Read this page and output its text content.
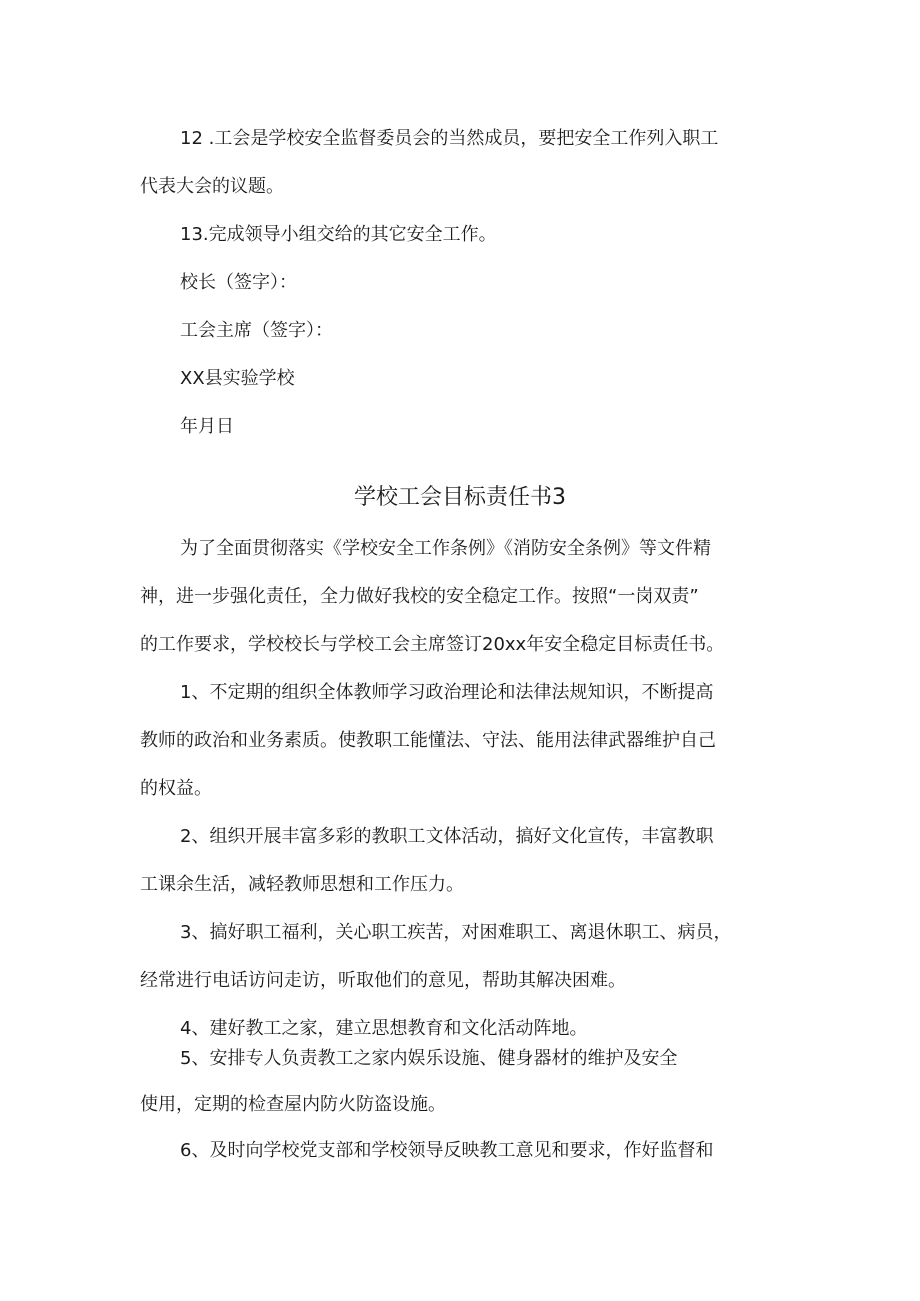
12 .工会是学校安全监督委员会的当然成员，要把安全工作列入职工
代表大会的议题。
13.完成领导小组交给的其它安全工作。
校长（签字）：
工会主席（签字）：
XX县实验学校
年月日
学校工会目标责任书3
为了全面贯彻落实《学校安全工作条例》《消防安全条例》等文件精
神，进一步强化责任，全力做好我校的安全稳定工作。按照“一岗双责”
的工作要求，学校校长与学校工会主席签订20xx年安全稳定目标责任书。
1、不定期的组织全体教师学习政治理论和法律法规知识，不断提高
教师的政治和业务素质。使教职工能懂法、守法、能用法律武器维护自己
的权益。
2、组织开展丰富多彩的教职工文体活动，搞好文化宣传，丰富教职
工课余生活，减轻教师思想和工作压力。
3、搞好职工福利，关心职工疾苦，对困难职工、离退休职工、病员，
经常进行电话访问走访，听取他们的意见，帮助其解决困难。
4、建好教工之家，建立思想教育和文化活动阵地。
5、安排专人负责教工之家内娱乐设施、健身器材的维护及安全
使用，定期的检查屋内防火防盗设施。
6、及时向学校党支部和学校领导反映教工意见和要求，作好监督和
